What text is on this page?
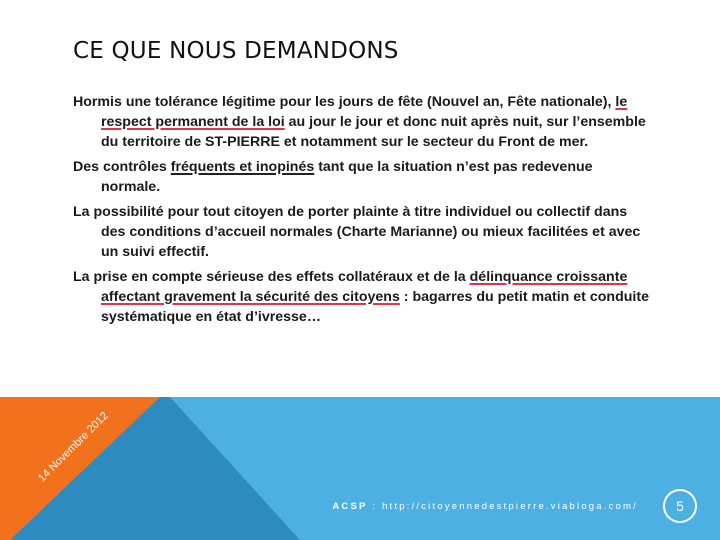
CE QUE NOUS DEMANDONS

Hormis une tolérance légitime pour les jours de fête (Nouvel an, Fête nationale), le respect permanent de la loi au jour le jour et donc nuit après nuit, sur l’ensemble du territoire de ST-PIERRE et notamment sur le secteur du Front de mer.

Des contrôles fréquents et inopinés tant que la situation n’est pas redevenue normale.

La possibilité pour tout citoyen de porter plainte à titre individuel ou collectif dans des conditions d’accueil normales (Charte Marianne) ou mieux facilitées et avec un suivi effectif.

La prise en compte sérieuse des effets collatéraux et de la délinquance croissante affectant gravement la sécurité des citoyens : bagarres du petit matin et conduite systématique en état d’ivresse…

14 Novembre 2012
ACSP : http://citoyennedestpierre.viabloga.com/	5
